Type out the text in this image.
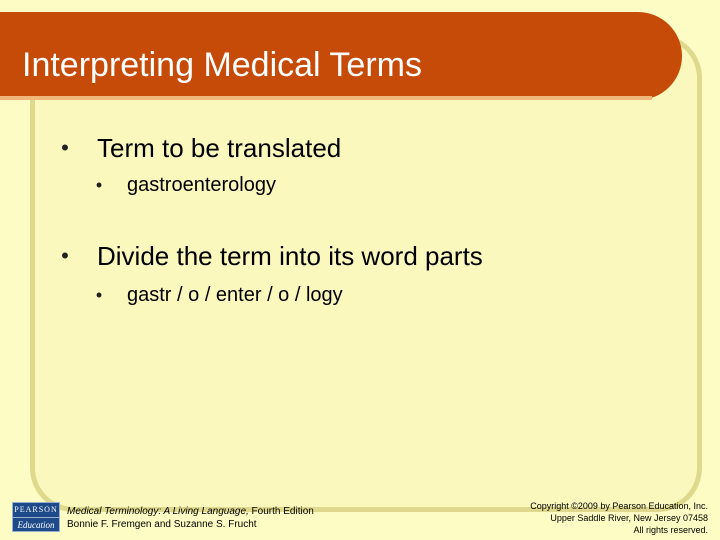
Interpreting Medical Terms
• Term to be translated
• gastroenterology
• Divide the term into its word parts
• gastr / o / enter / o / logy
PEARSON
Education
Medical Terminology: A Living Language, Fourth Edition
Bonnie F. Fremgen and Suzanne S. Frucht
Copyright ©2009 by Pearson Education, Inc.
Upper Saddle River, New Jersey 07458
All rights reserved.
